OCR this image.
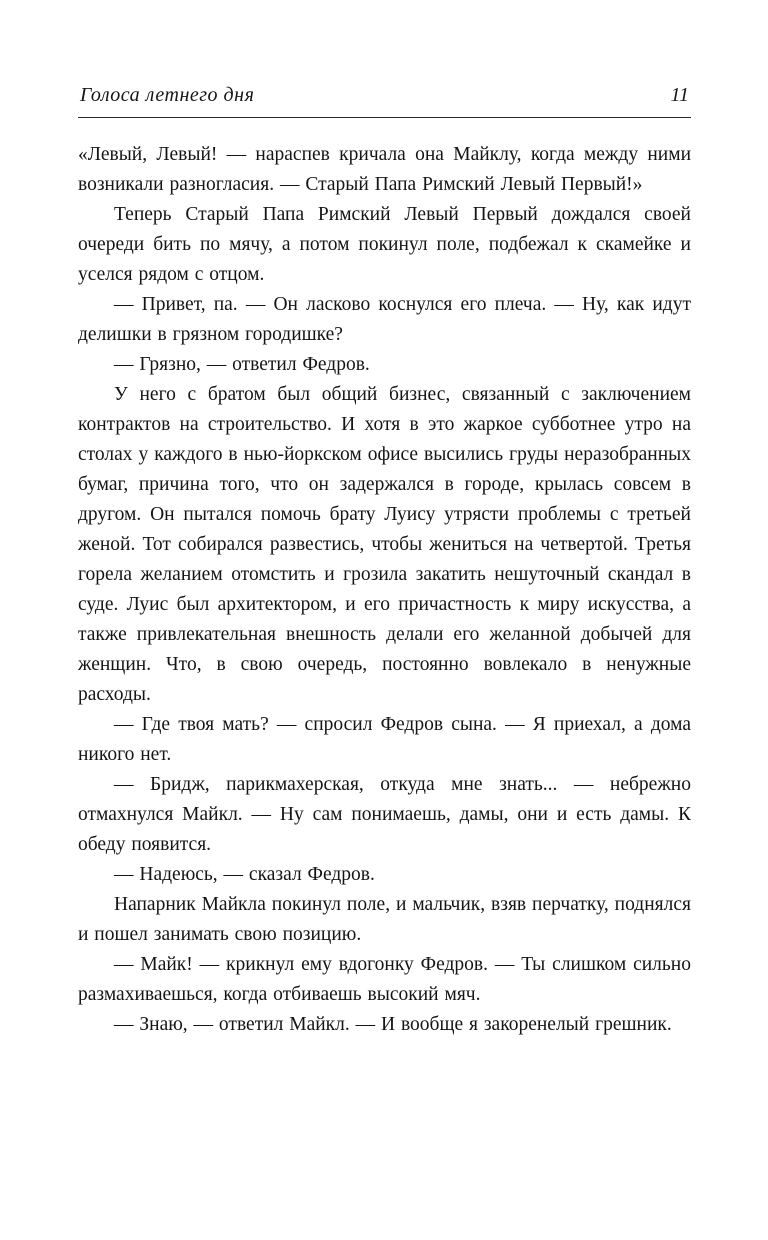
Голоса летнего дня	11

«Левый, Левый! — нараспев кричала она Майклу, когда между ними возникали разногласия. — Старый Папа Римский Левый Первый!»

Теперь Старый Папа Римский Левый Первый дождался своей очереди бить по мячу, а потом покинул поле, подбежал к скамейке и уселся рядом с отцом.

— Привет, па. — Он ласково коснулся его плеча. — Ну, как идут делишки в грязном городишке?

— Грязно, — ответил Федров.

У него с братом был общий бизнес, связанный с заключением контрактов на строительство. И хотя в это жаркое субботнее утро на столах у каждого в нью-йоркском офисе высились груды неразобранных бумаг, причина того, что он задержался в городе, крылась совсем в другом. Он пытался помочь брату Луису утрясти проблемы с третьей женой. Тот собирался развестись, чтобы жениться на четвертой. Третья горела желанием отомстить и грозила закатить нешуточный скандал в суде. Луис был архитектором, и его причастность к миру искусства, а также привлекательная внешность делали его желанной добычей для женщин. Что, в свою очередь, постоянно вовлекало в ненужные расходы.

— Где твоя мать? — спросил Федров сына. — Я приехал, а дома никого нет.

— Бридж, парикмахерская, откуда мне знать... — небрежно отмахнулся Майкл. — Ну сам понимаешь, дамы, они и есть дамы. К обеду появится.

— Надеюсь, — сказал Федров.

Напарник Майкла покинул поле, и мальчик, взяв перчатку, поднялся и пошел занимать свою позицию.

— Майк! — крикнул ему вдогонку Федров. — Ты слишком сильно размахиваешься, когда отбиваешь высокий мяч.

— Знаю, — ответил Майкл. — И вообще я закоренелый грешник.
